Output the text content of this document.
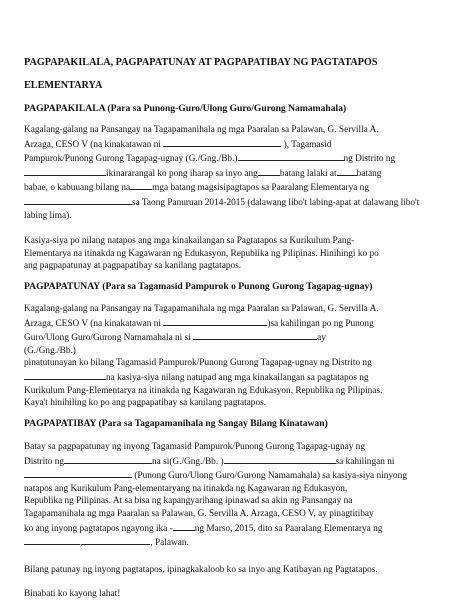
PAGPAPAKILALA, PAGPAPATUNAY AT PAGPAPATIBAY NG PAGTATAPOS
ELEMENTARYA
PAGPAPAKILALA (Para sa Punong-Guro/Ulong Guro/Gurong Namamahala)
Kagalang-galang na Pansangay na Tagapamanihala ng mga Paaralan sa Palawan, G. Servilla A.
Arzaga, CESO V (na kinakatawan ni	), Tagamasid
Pampurok/Punong Gurong Tagapag-ugnay (G./Gng./Bb.)	ng Distrito ng
ikinararangal ko pong iharap sa inyo ang batang lalaki at batang
babae, o kabuuang bilang na mga batang magsisipagtapos sa Paaralang Elementarya ng
sa Taong Panuruan 2014-2015 (dalawang libo't labing-apat at dalawang libo't
labing lima).
Kasiya-siya po nilang natapos ang mga kinakailangan sa Pagtatapos sa Kurikulum Pang-
Elementarya na itinakda ng Kagawaran ng Edukasyon, Republika ng Pilipinas. Hinihingi ko po
ang pagpapatunay at pagpapatibay sa kanilang pagtatapos.
PAGPAPATUNAY (Para sa Tagamasid Pampurok o Punong Gurong Tagapag-ugnay)
Kagalang-galang na Pansangay na Tagapamanihala ng mga Paaralan sa Palawan, G. Servilla A.
Arzaga, CESO V (na kinakatawan ni	)sa kahilingan po ng Punong
Guro/Ulong Guro/Gurong Namamahala ni si	ay
(G./Gng./Bb.)
pinatutunayan ko bilang Tagamasid Pampurok/Punong Gurong Tagapag-ugnay ng Distrito ng
na kasiya-siya nilang natupad ang mga kinakailangan sa pagtatapos ng
Kurikulum Pang-Elementarya na itinakda ng Kagawaran ng Edukasyon, Republika ng Pilipinas.
Kaya't hinihiling ko po ang pagpapatibay sa kanilang pagtatapos.
PAGPAPATIBAY (Para sa Tagapamanihala ng Sangay Bilang Kinatawan)
Batay sa pagpapatunay ng inyong Tagamasid Pampurok/Punong Gurong Tagapag-ugnay ng
Distrito ng	na si(G./Gng./Bb. )	sa kahilingan ni
(Punong Guro/Ulong Guro/Gurong Namamahala) sa kasiya-siya ninyong
natapos ang Kurikulum Pang-elementaryang na itinakda ng Kagawaran ng Edukasyon,
Republika ng Pilipinas. At sa bisa ng kapangyarihang ipinawad sa akin ng Pansangay na
Tagapamanihala ng mga Paaralan sa Palawan, G. Servilla A. Arzaga, CESO V, ay pinagtitibay
ko ang inyong pagtatapos ngayong ika - ng Marso, 2015, dito sa Paaralang Elementarya ng
,	, Palawan.
Bilang patunay ng inyong pagtatapos, ipinagkakaloob ko sa inyo ang Katibayan ng Pagtatapos.
Binabati ko kayong lahat!
